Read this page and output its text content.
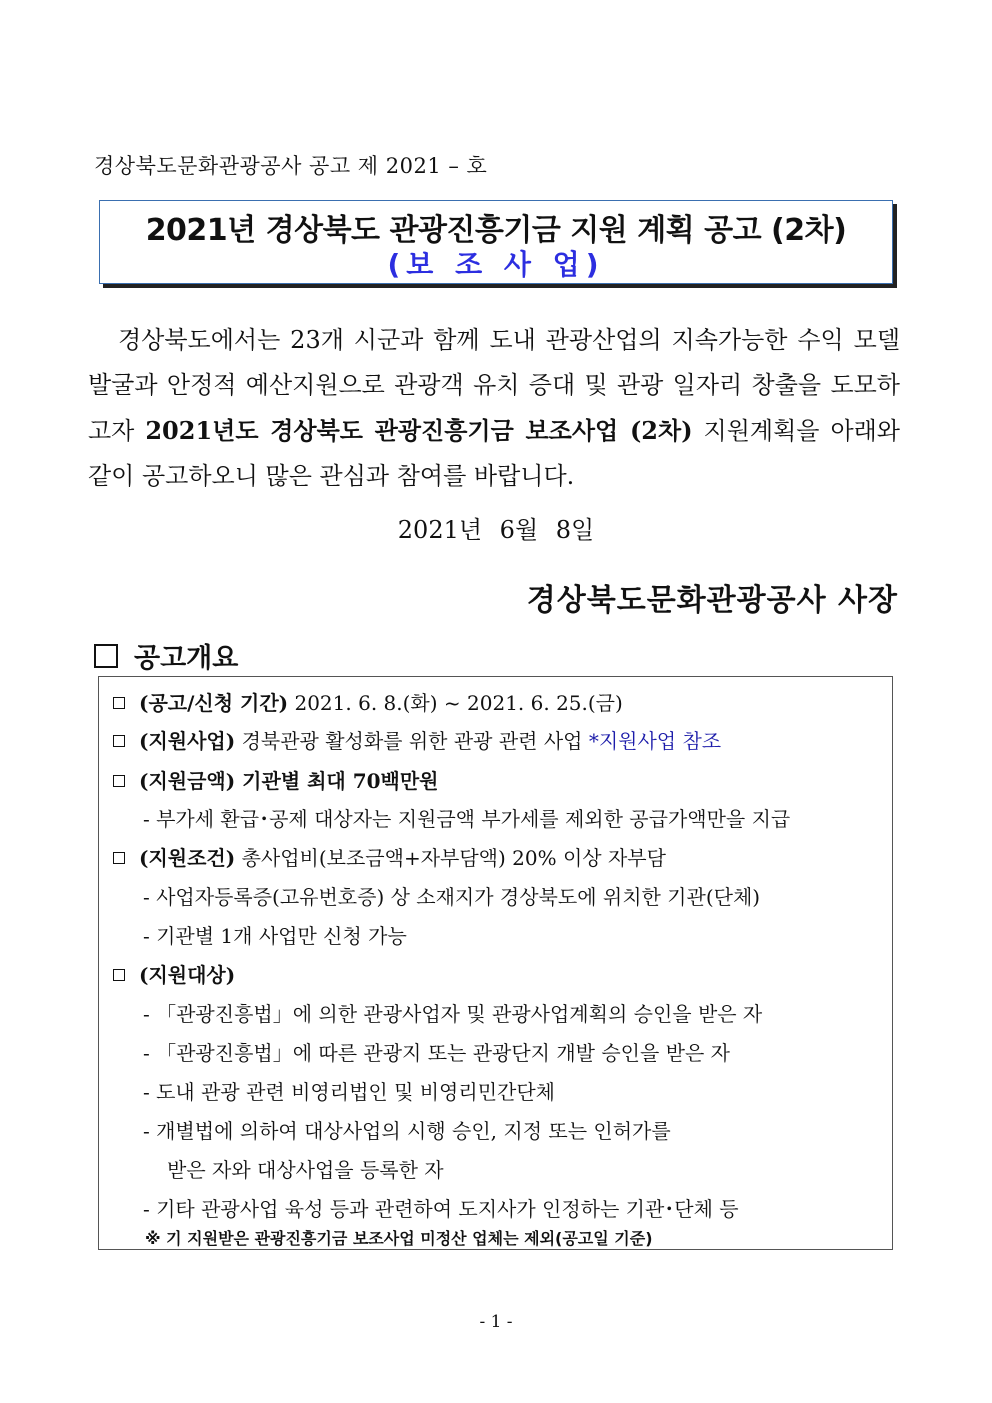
경상북도문화관광공사 공고 제 2021 – 호
2021년 경상북도 관광진흥기금 지원 계획 공고 (2차)
(보 조 사 업)
경상북도에서는 23개 시군과 함께 도내 관광산업의 지속가능한 수익 모델 발굴과 안정적 예산지원으로 관광객 유치 증대 및 관광 일자리 창출을 도모하고자 2021년도 경상북도 관광진흥기금 보조사업 (2차) 지원계획을 아래와 같이 공고하오니 많은 관심과 참여를 바랍니다.
2021년 6월 8일
경상북도문화관광공사 사장
공고개요
(공고/신청 기간) 2021. 6. 8.(화) ~ 2021. 6. 25.(금)
(지원사업) 경북관광 활성화를 위한 관광 관련 사업 *지원사업 참조
(지원금액) 기관별 최대 70백만원
- 부가세 환급･공제 대상자는 지원금액 부가세를 제외한 공급가액만을 지급
(지원조건) 총사업비(보조금액+자부담액) 20% 이상 자부담
- 사업자등록증(고유번호증) 상 소재지가 경상북도에 위치한 기관(단체)
- 기관별 1개 사업만 신청 가능
(지원대상)
- 「관광진흥법」에 의한 관광사업자 및 관광사업계획의 승인을 받은 자
- 「관광진흥법」에 따른 관광지 또는 관광단지 개발 승인을 받은 자
- 도내 관광 관련 비영리법인 및 비영리민간단체
- 개별법에 의하여 대상사업의 시행 승인, 지정 또는 인허가를
받은 자와 대상사업을 등록한 자
- 기타 관광사업 육성 등과 관련하여 도지사가 인정하는 기관･단체 등
※ 기 지원받은 관광진흥기금 보조사업 미정산 업체는 제외(공고일 기준)
- 1 -
